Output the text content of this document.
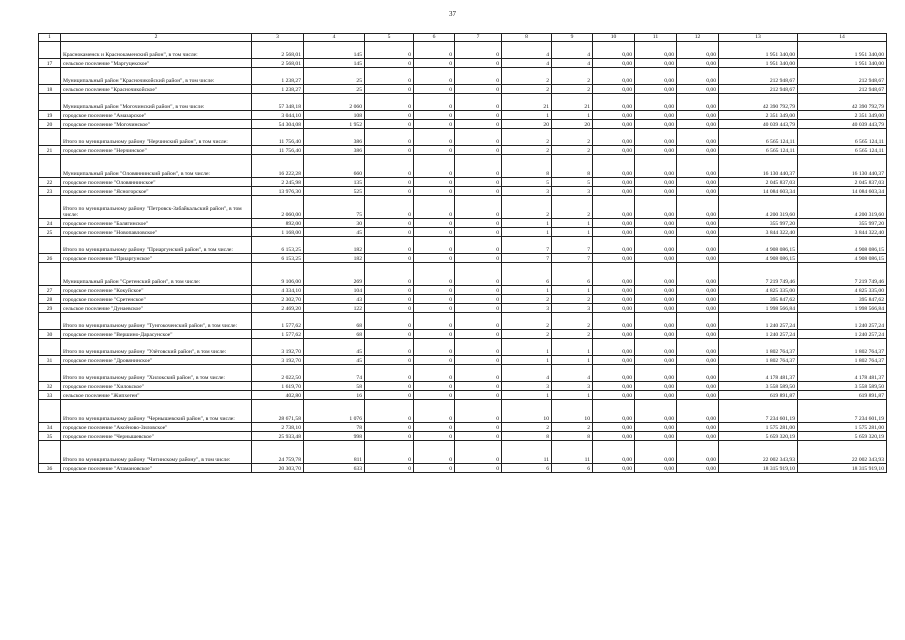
37
1	2	3	4	5	6	7	8	9	10	11	12	13	14
	Краснокаменск и Краснокаменский район", в том числе:	2 568,01	145	0	0	0	4	4	0,00	0,00	0,00	1 951 340,00	1 951 340,00
17	сельское поселение "Маргуцекское"	2 568,01	145	0	0	0	4	4	0,00	0,00	0,00	1 951 340,00	1 951 340,00
	Муниципальный район "Красночикойский район", в том числе:	1 238,27	25	0	0	0	2	2	0,00	0,00	0,00	212 948,67	212 948,67
18	сельское поселение "Красночикойское"	1 238,27	25	0	0	0	2	2	0,00	0,00	0,00	212 948,67	212 948,67
	Муниципальный район "Могочинский район", в том числе:	57 348,18	2 060	0	0	0	21	21	0,00	0,00	0,00	42 390 792,79	42 390 792,79
19	городское поселение "Амазарское"	3 044,10	108	0	0	0	1	1	0,00	0,00	0,00	2 351 349,00	2 351 349,00
20	городское поселение "Могочинское"	54 304,08	1 952	0	0	0	20	20	0,00	0,00	0,00	40 039 443,79	40 039 443,79
	Итого по муниципальному району "Нерчинский район", в том числе:	11 756,40	386	0	0	0	2	2	0,00	0,00	0,00	6 565 124,11	6 565 124,11
21	городское поселение "Нерчинское"	11 756,40	386	0	0	0	2	2	0,00	0,00	0,00	6 565 124,11	6 565 124,11
	Муниципальный район "Оловяннинский район", в том числе:	16 222,28	660	0	0	0	8	8	0,00	0,00	0,00	16 130 440,37	16 130 440,37
22	городское поселение "Оловяннинское"	2 245,98	135	0	0	0	5	5	0,00	0,00	0,00	2 045 837,03	2 045 837,03
23	городское поселение "Ясногорское"	13 976,30	525	0	0	0	3	3	0,00	0,00	0,00	14 084 603,34	14 084 603,34
	Итого по муниципальному району "Петровск-Забайкальский район", в том числе:	2 060,00	75	0	0	0	2	2	0,00	0,00	0,00	4 200 319,60	4 200 319,60
24	городское поселение "Балягинское"	892,00	30	0	0	0	1	1	0,00	0,00	0,00	355 997,20	355 997,20
25	городское поселение "Новопавловское"	1 168,00	45	0	0	0	1	1	0,00	0,00	0,00	3 844 322,40	3 844 322,40
	Итого по муниципальному району "Приаргунский район", в том числе:	6 153,25	182	0	0	0	7	7	0,00	0,00	0,00	4 908 086,15	4 908 086,15
26	городское поселение "Приаргунское"	6 153,25	182	0	0	0	7	7	0,00	0,00	0,00	4 908 086,15	4 908 086,15
	Муниципальный район "Сретенский район", в том числе:	9 106,00	269	0	0	0	6	6	0,00	0,00	0,00	7 219 749,46	7 219 749,46
27	городское поселение "Кокуйское"	4 334,10	104	0	0	0	1	1	0,00	0,00	0,00	4 825 335,00	4 825 335,00
28	городское поселение "Сретенское"	2 302,70	43	0	0	0	2	2	0,00	0,00	0,00	395 847,62	395 847,62
29	сельское поселение "Дунаевское"	2 469,20	122	0	0	0	3	3	0,00	0,00	0,00	1 998 566,84	1 998 566,84
	Итого по муниципальному району "Тунгокоченский район", в том числе:	1 577,62	68	0	0	0	2	2	0,00	0,00	0,00	1 240 257,24	1 240 257,24
30	городское поселение "Вершино-Дарасунское"	1 577,62	68	0	0	0	2	2	0,00	0,00	0,00	1 240 257,24	1 240 257,24
	Итого по муниципальному району "Улётовский район", в том числе:	3 192,70	45	0	0	0	1	1	0,00	0,00	0,00	1 802 764,37	1 802 764,37
31	городское поселение "Дровянинское"	3 192,70	45	0	0	0	1	1	0,00	0,00	0,00	1 802 764,37	1 802 764,37
	Итого по муниципальному району "Хилокский район", в том числе:	2 022,50	74	0	0	0	4	4	0,00	0,00	0,00	4 178 481,37	4 178 481,37
32	городское поселение "Хилокское"	1 619,70	58	0	0	0	3	3	0,00	0,00	0,00	3 558 589,50	3 558 589,50
33	сельское поселение "Жипхеген"	402,80	16	0	0	0	1	1	0,00	0,00	0,00	619 891,87	619 891,87
	Итого по муниципальному району "Чернышевский район", в том числе:	28 671,58	1 076	0	0	0	10	10	0,00	0,00	0,00	7 234 601,19	7 234 601,19
34	городское поселение "Аксёново-Зиловское"	2 738,10	78	0	0	0	2	2	0,00	0,00	0,00	1 575 281,00	1 575 281,00
35	городское поселение "Чернышевское"	25 933,48	998	0	0	0	8	8	0,00	0,00	0,00	5 659 320,19	5 659 320,19
	Итого по муниципальному району "Читинскому району", в том числе:	24 759,78	811	0	0	0	11	11	0,00	0,00	0,00	22 002 343,93	22 002 343,93
36	городское поселение "Атамановское"	20 303,70	633	0	0	0	6	6	0,00	0,00	0,00	18 315 919,10	18 315 919,10
